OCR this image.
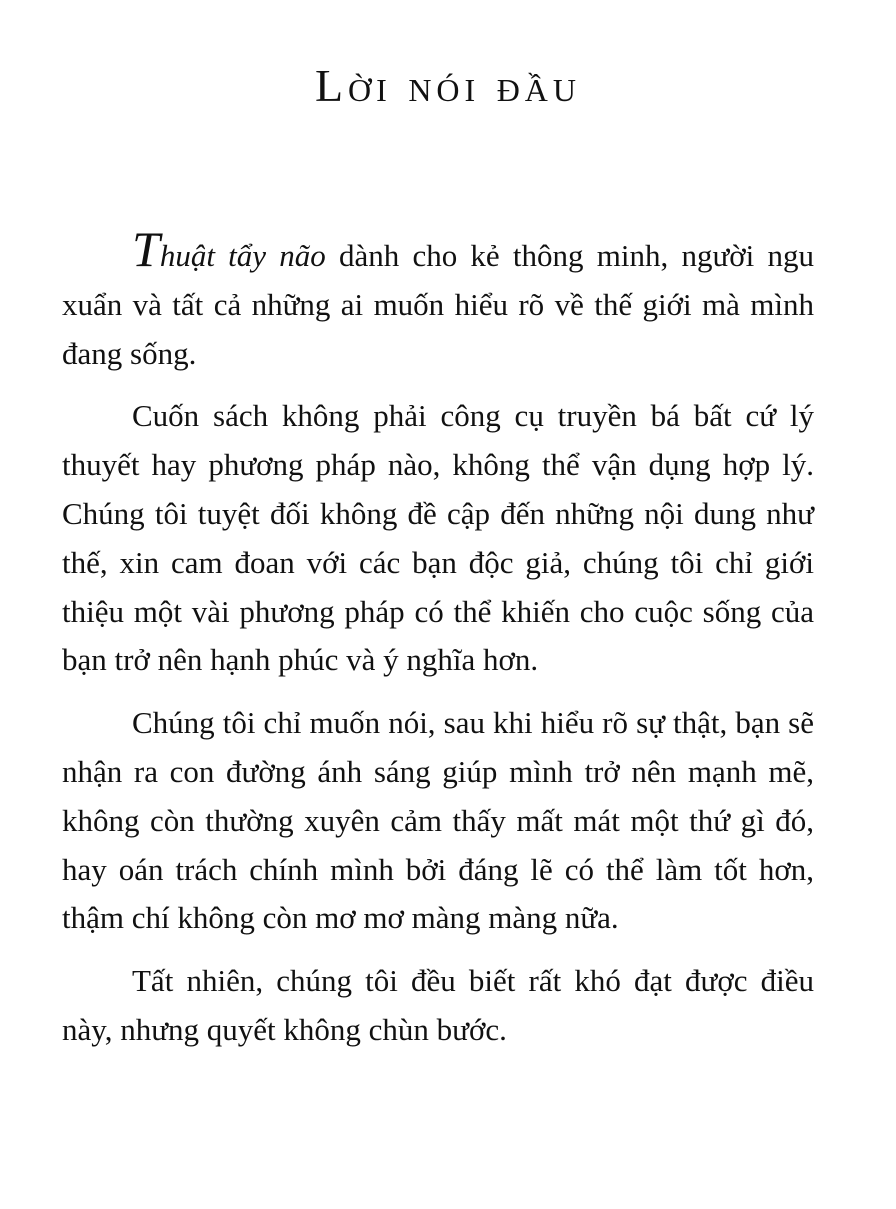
Lời nói đầu

Thuật tẩy não dành cho kẻ thông minh, người ngu xuẩn và tất cả những ai muốn hiểu rõ về thế giới mà mình đang sống.

Cuốn sách không phải công cụ truyền bá bất cứ lý thuyết hay phương pháp nào, không thể vận dụng hợp lý. Chúng tôi tuyệt đối không đề cập đến những nội dung như thế, xin cam đoan với các bạn độc giả, chúng tôi chỉ giới thiệu một vài phương pháp có thể khiến cho cuộc sống của bạn trở nên hạnh phúc và ý nghĩa hơn.

Chúng tôi chỉ muốn nói, sau khi hiểu rõ sự thật, bạn sẽ nhận ra con đường ánh sáng giúp mình trở nên mạnh mẽ, không còn thường xuyên cảm thấy mất mát một thứ gì đó, hay oán trách chính mình bởi đáng lẽ có thể làm tốt hơn, thậm chí không còn mơ mơ màng màng nữa.

Tất nhiên, chúng tôi đều biết rất khó đạt được điều này, nhưng quyết không chùn bước.
